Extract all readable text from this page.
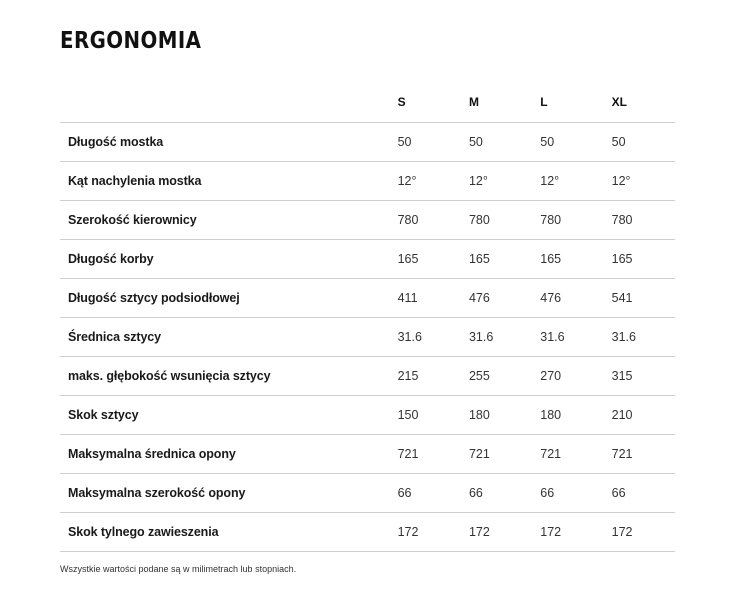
ERGONOMIA
	S	M	L	XL
Długość mostka	50	50	50	50
Kąt nachylenia mostka	12°	12°	12°	12°
Szerokość kierownicy	780	780	780	780
Długość korby	165	165	165	165
Długość sztycy podsiodłowej	411	476	476	541
Średnica sztycy	31.6	31.6	31.6	31.6
maks. głębokość wsunięcia sztycy	215	255	270	315
Skok sztycy	150	180	180	210
Maksymalna średnica opony	721	721	721	721
Maksymalna szerokość opony	66	66	66	66
Skok tylnego zawieszenia	172	172	172	172

Wszystkie wartości podane są w milimetrach lub stopniach.
